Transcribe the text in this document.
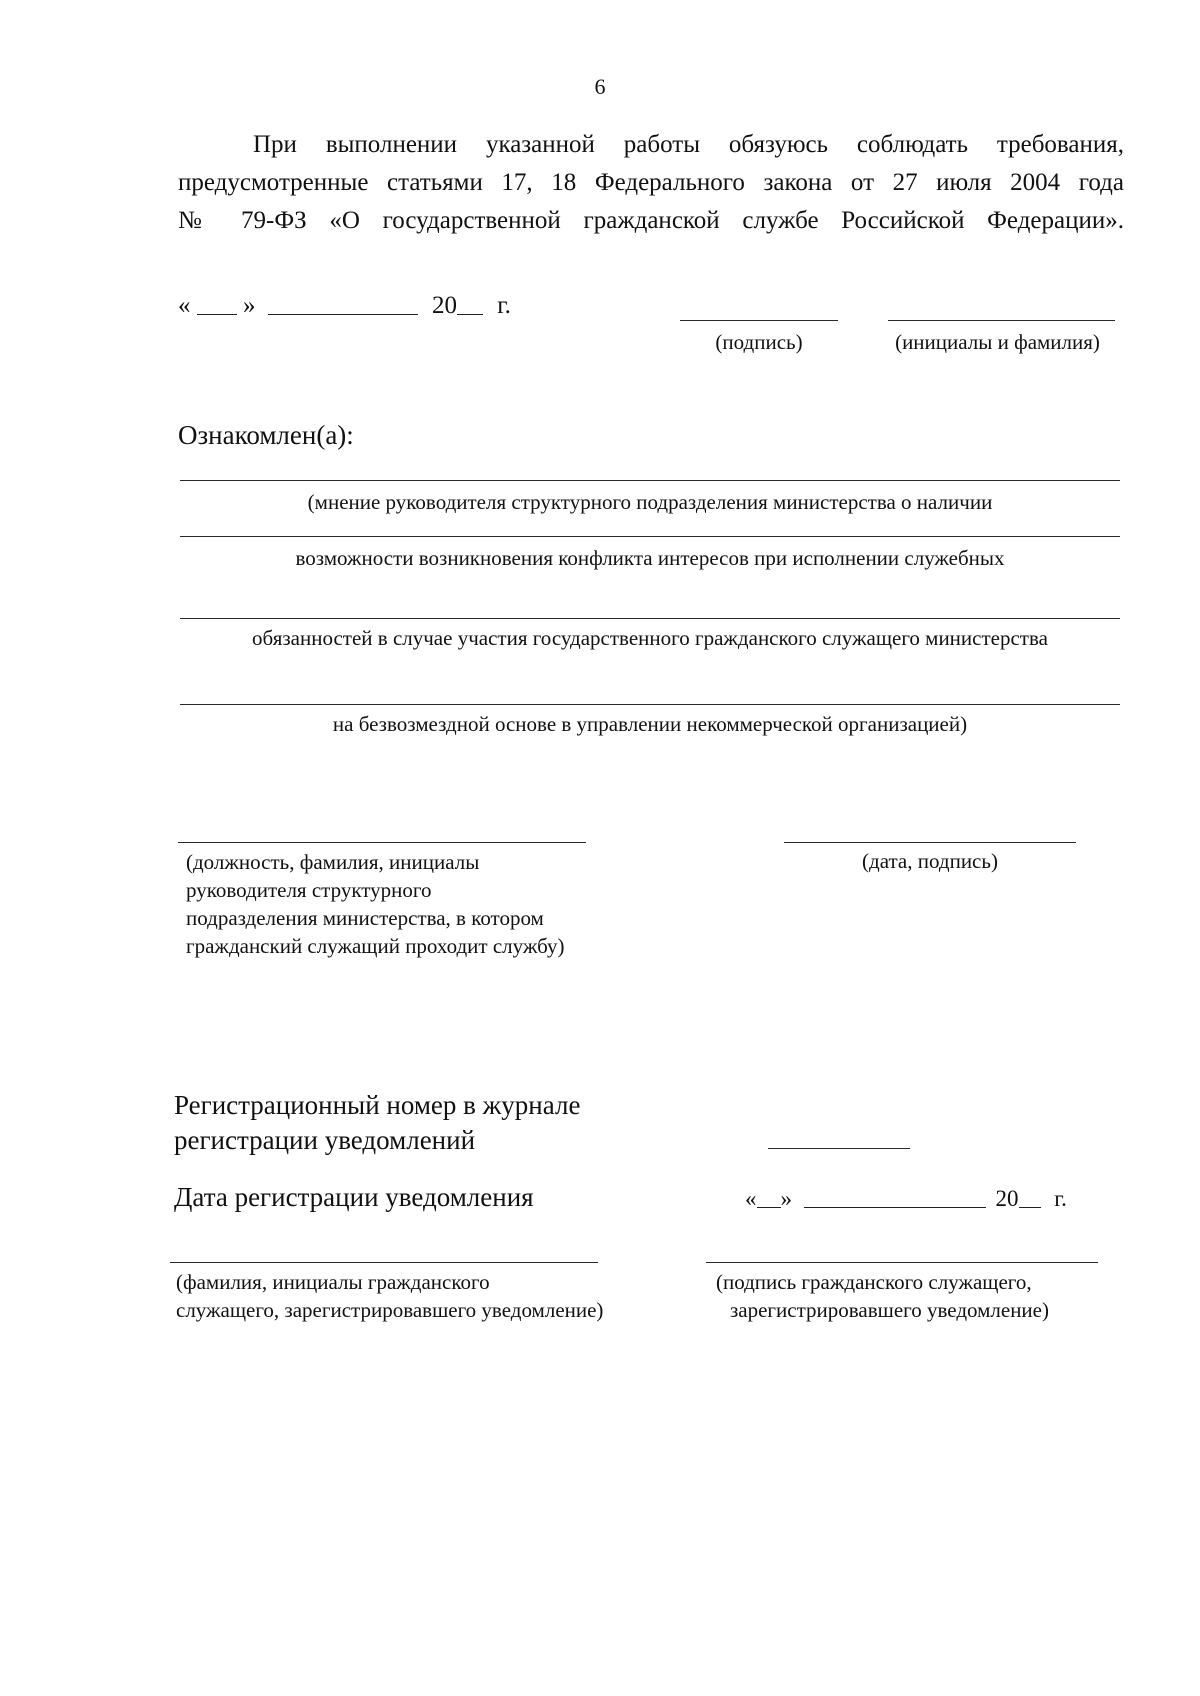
6
При выполнении указанной работы обязуюсь соблюдать требования,
предусмотренные статьями 17, 18 Федерального закона от 27 июля 2004 года
№ 79-ФЗ «О государственной гражданской службе Российской Федерации».
« »	20 г.
(подпись)	(инициалы и фамилия)
Ознакомлен(а):
(мнение руководителя структурного подразделения министерства о наличии
возможности возникновения конфликта интересов при исполнении служебных
обязанностей в случае участия государственного гражданского служащего министерства
на безвозмездной основе в управлении некоммерческой организацией)
(должность, фамилия, инициалы
руководителя структурного
подразделения министерства, в котором
гражданский служащий проходит службу)
(дата, подпись)
Регистрационный номер в журнале
регистрации уведомлений
Дата регистрации уведомления	« »	20 г.
(фамилия, инициалы гражданского
служащего, зарегистрировавшего уведомление)
(подпись гражданского служащего,
зарегистрировавшего уведомление)
